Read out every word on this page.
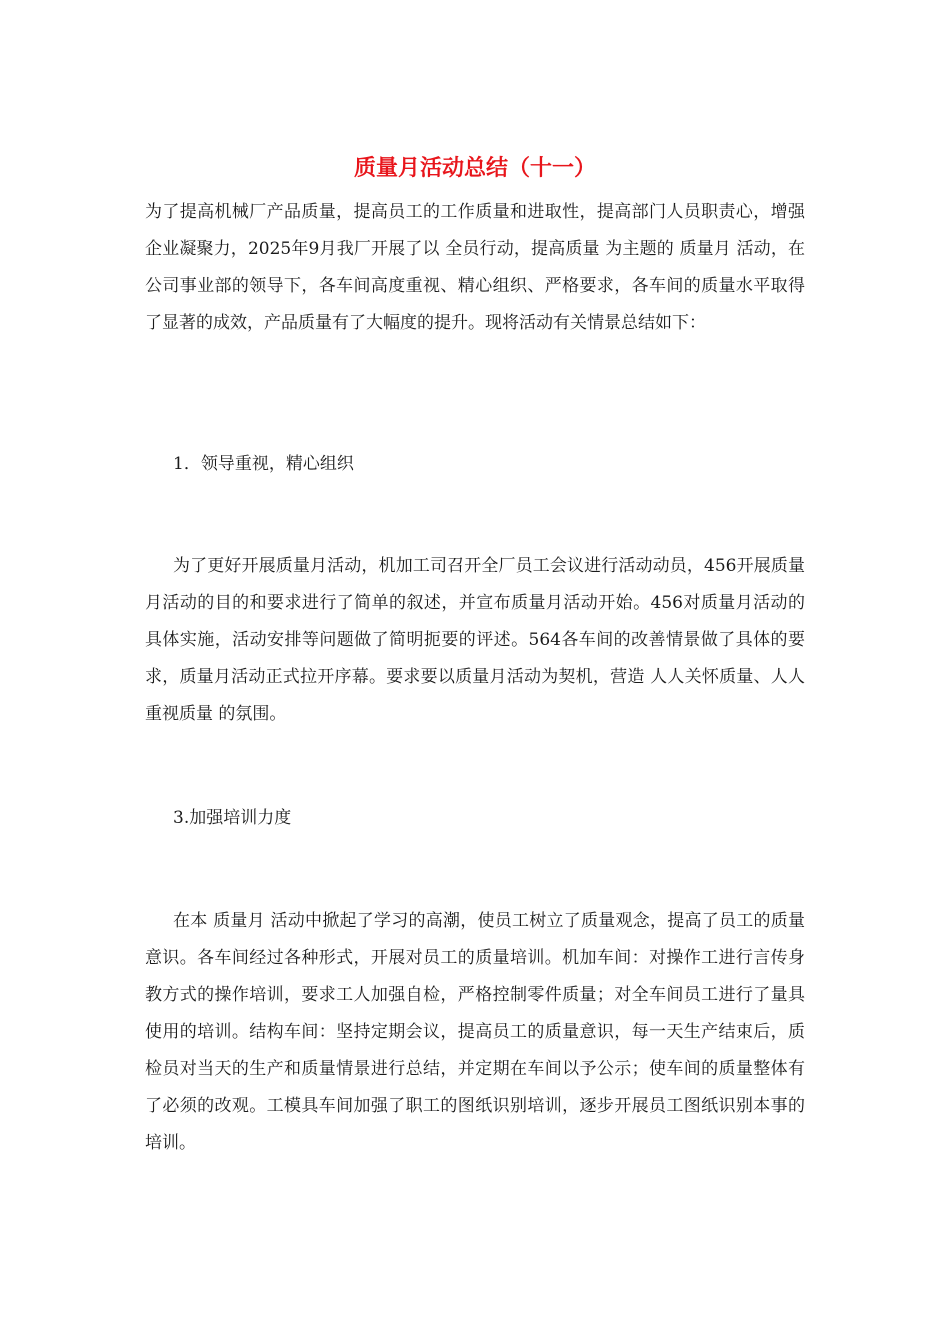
质量月活动总结（十一）

为了提高机械厂产品质量，提高员工的工作质量和进取性，提高部门人员职责心，增强企业凝聚力，2025年9月我厂开展了以 全员行动，提高质量 为主题的 质量月 活动，在公司事业部的领导下，各车间高度重视、精心组织、严格要求，各车间的质量水平取得了显著的成效，产品质量有了大幅度的提升。现将活动有关情景总结如下：

1．领导重视，精心组织

为了更好开展质量月活动，机加工司召开全厂员工会议进行活动动员，456开展质量月活动的目的和要求进行了简单的叙述，并宣布质量月活动开始。456对质量月活动的具体实施，活动安排等问题做了简明扼要的评述。564各车间的改善情景做了具体的要求，质量月活动正式拉开序幕。要求要以质量月活动为契机，营造 人人关怀质量、人人重视质量 的氛围。

3.加强培训力度

在本 质量月 活动中掀起了学习的高潮，使员工树立了质量观念，提高了员工的质量意识。各车间经过各种形式，开展对员工的质量培训。机加车间：对操作工进行言传身教方式的操作培训，要求工人加强自检，严格控制零件质量；对全车间员工进行了量具使用的培训。结构车间：坚持定期会议，提高员工的质量意识，每一天生产结束后，质检员对当天的生产和质量情景进行总结，并定期在车间以予公示；使车间的质量整体有了必须的改观。工模具车间加强了职工的图纸识别培训，逐步开展员工图纸识别本事的培训。
